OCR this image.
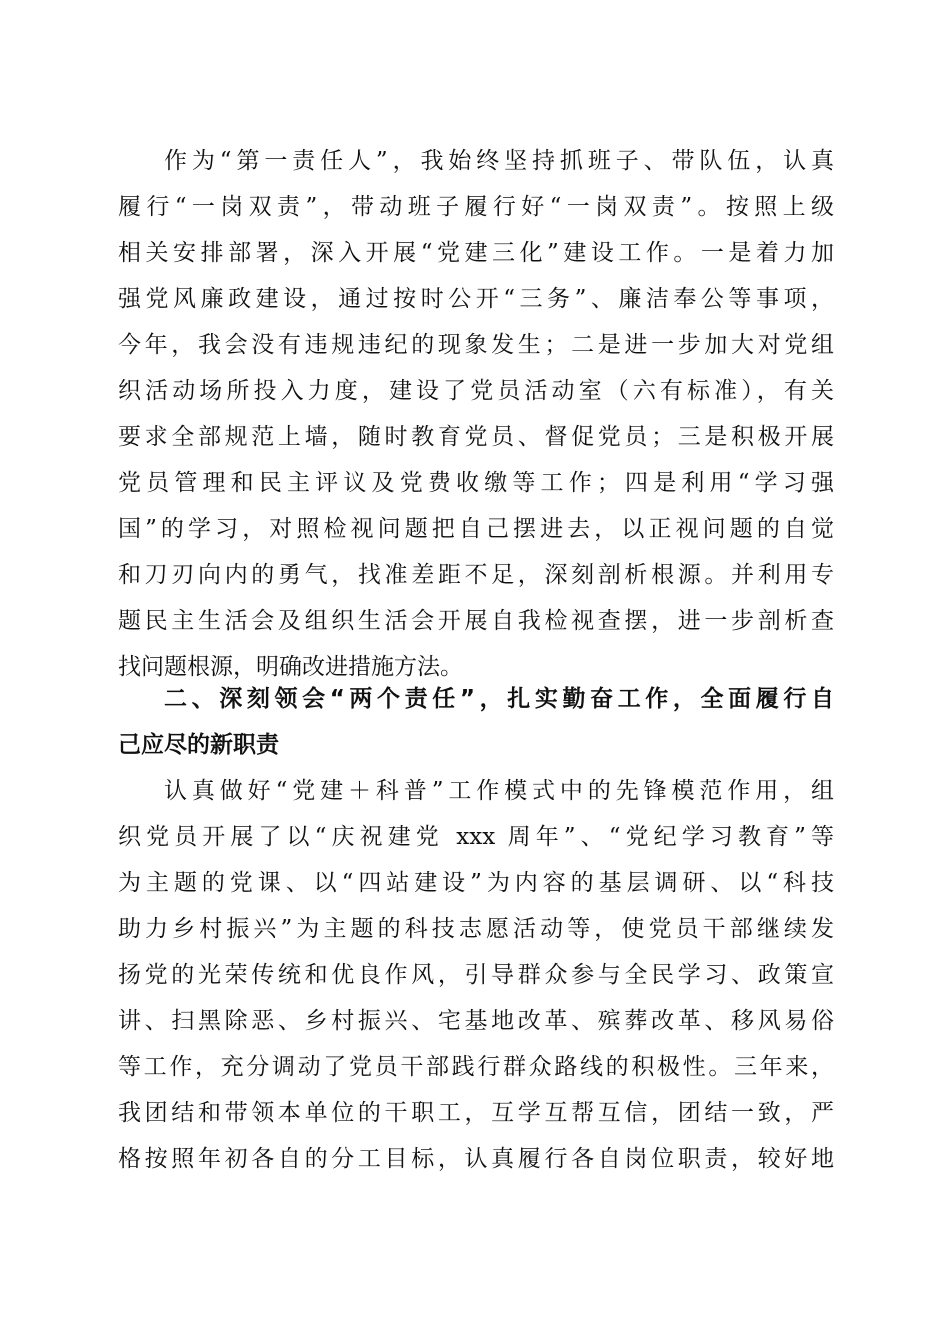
作为“第一责任人”，我始终坚持抓班子、带队伍，认真
履行“一岗双责”，带动班子履行好“一岗双责”。按照上级
相关安排部署，深入开展“党建三化”建设工作。一是着力加
强党风廉政建设，通过按时公开“三务”、廉洁奉公等事项，
今年，我会没有违规违纪的现象发生；二是进一步加大对党组
织活动场所投入力度，建设了党员活动室（六有标准），有关
要求全部规范上墙，随时教育党员、督促党员；三是积极开展
党员管理和民主评议及党费收缴等工作；四是利用“学习强
国”的学习，对照检视问题把自己摆进去，以正视问题的自觉
和刀刃向内的勇气，找准差距不足，深刻剖析根源。并利用专
题民主生活会及组织生活会开展自我检视查摆，进一步剖析查
找问题根源，明确改进措施方法。
二、深刻领会“两个责任”，扎实勤奋工作，全面履行自
己应尽的新职责
认真做好“党建＋科普”工作模式中的先锋模范作用，组
织党员开展了以“庆祝建党 xxx 周年”、“党纪学习教育”等
为主题的党课、以“四站建设”为内容的基层调研、以“科技
助力乡村振兴”为主题的科技志愿活动等，使党员干部继续发
扬党的光荣传统和优良作风，引导群众参与全民学习、政策宣
讲、扫黑除恶、乡村振兴、宅基地改革、殡葬改革、移风易俗
等工作，充分调动了党员干部践行群众路线的积极性。三年来，
我团结和带领本单位的干职工，互学互帮互信，团结一致，严
格按照年初各自的分工目标，认真履行各自岗位职责，较好地
